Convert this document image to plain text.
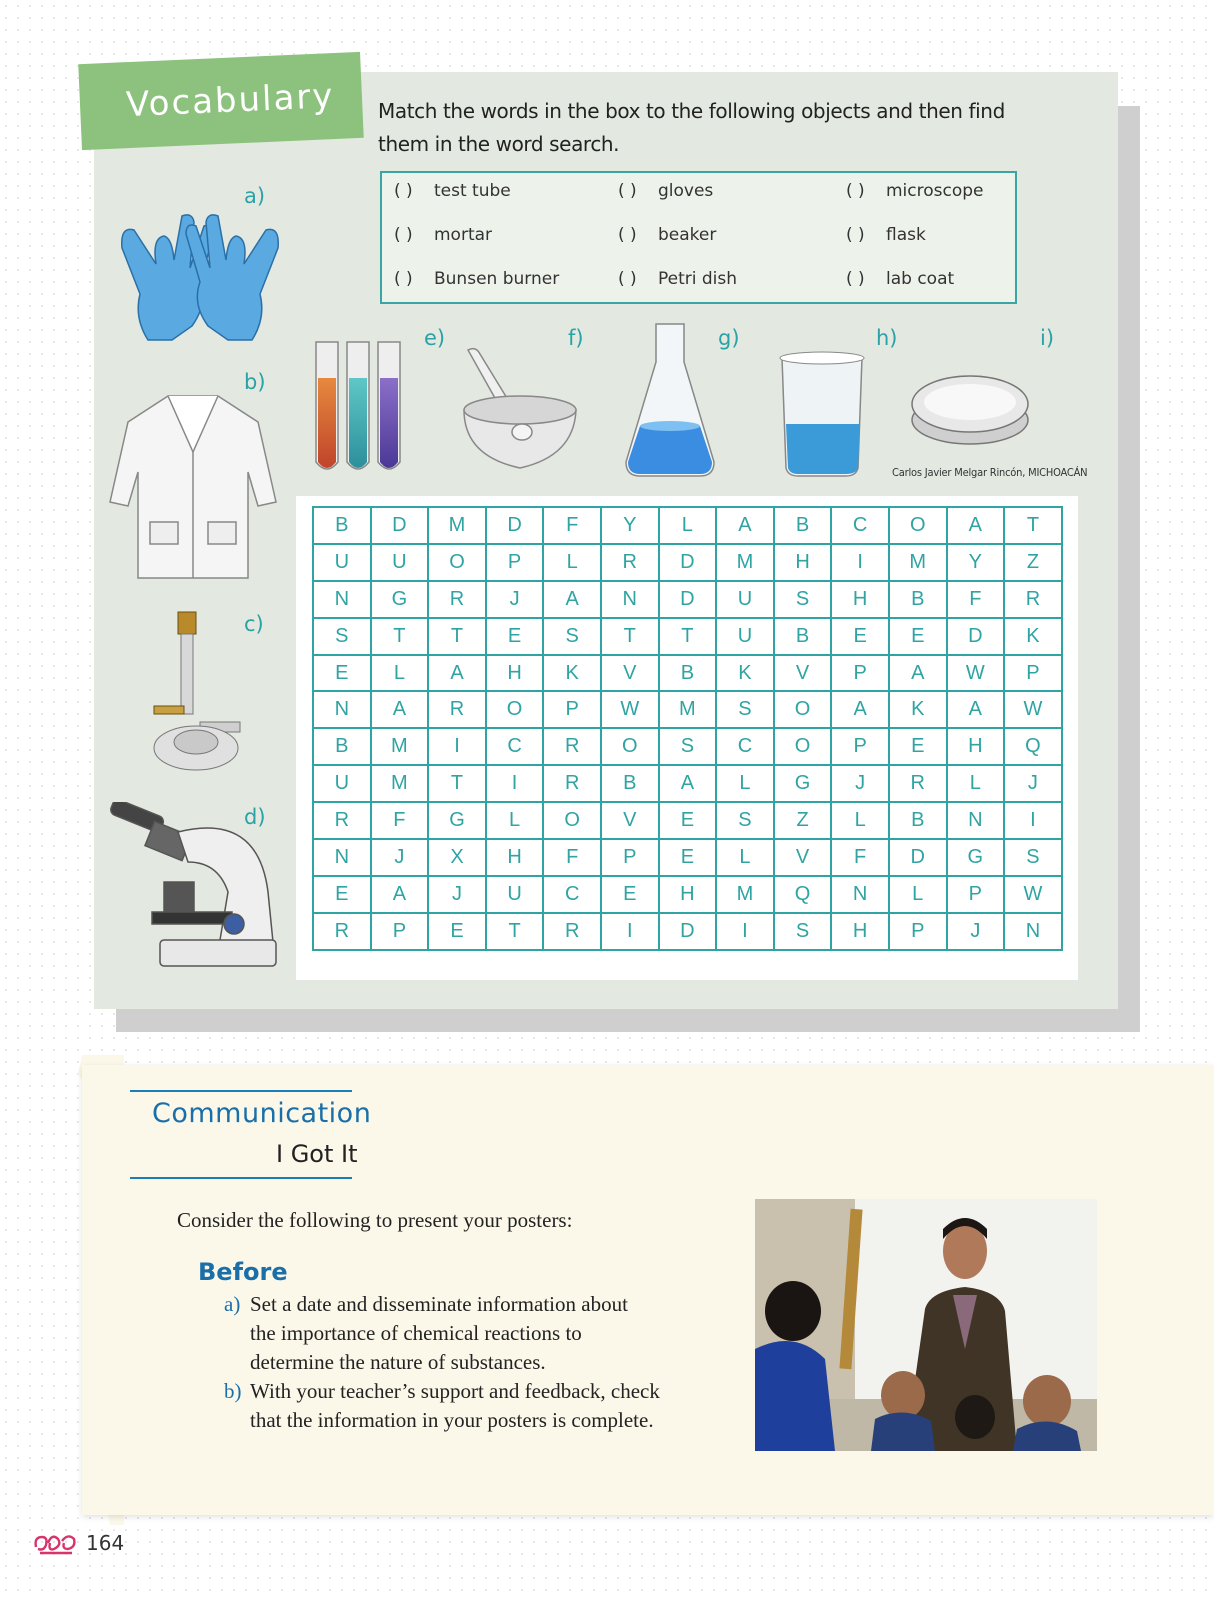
Vocabulary	Match the words in the box to the following objects and then find them in the word search.
( ) test tube	( ) gloves	( ) microscope
( ) mortar	( ) beaker	( ) flask
( ) Bunsen burner	( ) Petri dish	( ) lab coat
a)
b)
c)
d)
e)	f)	g)	h)	i)
Carlos Javier Melgar Rincón, MICHOACÁN
B	D	M	D	F	Y	L	A	B	C	O	A	T
U	U	O	P	L	R	D	M	H	I	M	Y	Z
N	G	R	J	A	N	D	U	S	H	B	F	R
S	T	T	E	S	T	T	U	B	E	E	D	K
E	L	A	H	K	V	B	K	V	P	A	W	P
N	A	R	O	P	W	M	S	O	A	K	A	W
B	M	I	C	R	O	S	C	O	P	E	H	Q
U	M	T	I	R	B	A	L	G	J	R	L	J
R	F	G	L	O	V	E	S	Z	L	B	N	I
N	J	X	H	F	P	E	L	V	F	D	G	S
E	A	J	U	C	E	H	M	Q	N	L	P	W
R	P	E	T	R	I	D	I	S	H	P	J	N
Communication
I Got It
Consider the following to present your posters:
Before
a) Set a date and disseminate information about
the importance of chemical reactions to
determine the nature of substances.
b) With your teacher’s support and feedback, check
that the information in your posters is complete.
164
